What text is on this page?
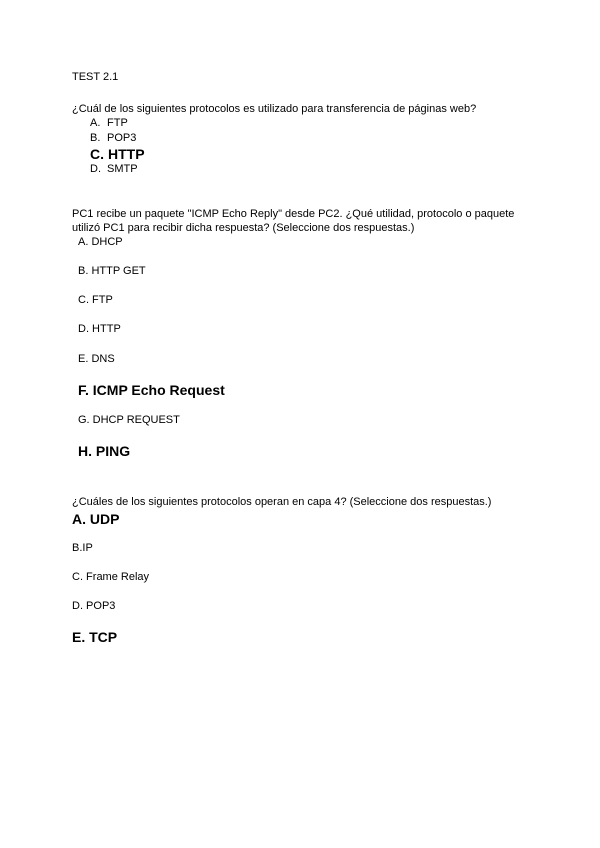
TEST 2.1
¿Cuál de los siguientes protocolos es utilizado para transferencia de páginas web?
A. FTP
B. POP3
C. HTTP
D. SMTP
PC1 recibe un paquete "ICMP Echo Reply" desde PC2. ¿Qué utilidad, protocolo o paquete
utilizó PC1 para recibir dicha respuesta? (Seleccione dos respuestas.)
A. DHCP
B. HTTP GET
C. FTP
D. HTTP
E. DNS
F. ICMP Echo Request
G. DHCP REQUEST
H. PING
¿Cuáles de los siguientes protocolos operan en capa 4? (Seleccione dos respuestas.)
A. UDP
B.IP
C. Frame Relay
D. POP3
E. TCP
